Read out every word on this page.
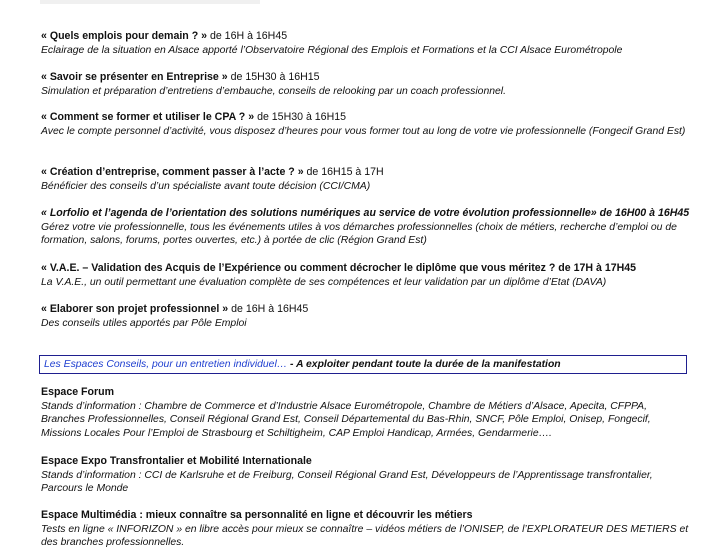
« Quels emplois pour demain ? » de 16H à 16H45
Eclairage de la situation en Alsace apporté l’Observatoire Régional des Emplois et Formations et la CCI Alsace Eurométropole
« Savoir se présenter en Entreprise » de 15H30 à 16H15
Simulation et préparation d’entretiens d’embauche, conseils de relooking par un coach professionnel.
« Comment se former et utiliser le CPA ? » de 15H30 à 16H15
Avec le compte personnel d’activité, vous disposez d’heures pour vous former tout au long de votre vie professionnelle (Fongecif Grand Est)
« Création d’entreprise, comment passer à l’acte ? » de 16H15 à 17H
Bénéficier des conseils d’un spécialiste avant toute décision (CCI/CMA)
« Lorfolio et l’agenda de l’orientation des solutions numériques au service de votre évolution professionnelle» de 16H00 à 16H45
Gérez votre vie professionnelle, tous les événements utiles à vos démarches professionnelles (choix de métiers, recherche d’emploi ou de formation, salons, forums, portes ouvertes, etc.) à portée de clic (Région Grand Est)
« V.A.E. – Validation des Acquis de l’Expérience ou comment décrocher le diplôme que vous méritez ? de 17H à 17H45
La V.A.E., un outil permettant une évaluation complète de ses compétences et leur validation par un diplôme d’Etat (DAVA)
« Elaborer son projet professionnel » de 16H à 16H45
Des conseils utiles apportés par Pôle Emploi
Les Espaces Conseils, pour un entretien individuel… - A exploiter pendant toute la durée de la manifestation
Espace Forum
Stands d’information : Chambre de Commerce et d’Industrie Alsace Eurométropole, Chambre de Métiers d’Alsace, Apecita, CFPPA, Branches Professionnelles, Conseil Régional Grand Est, Conseil Départemental du Bas-Rhin, SNCF, Pôle Emploi, Onisep, Fongecif, Missions Locales Pour l’Emploi de Strasbourg et Schiltigheim, CAP Emploi Handicap, Armées, Gendarmerie….
Espace Expo Transfrontalier et Mobilité Internationale
Stands d’information : CCI de Karlsruhe et de Freiburg, Conseil Régional Grand Est, Développeurs de l’Apprentissage transfrontalier, Parcours le Monde
Espace Multimédia : mieux connaître sa personnalité en ligne et découvrir les métiers
Tests en ligne « INFORIZON » en libre accès pour mieux se connaître – vidéos métiers de l’ONISEP, de l’EXPLORATEUR DES METIERS et des branches professionnelles.
